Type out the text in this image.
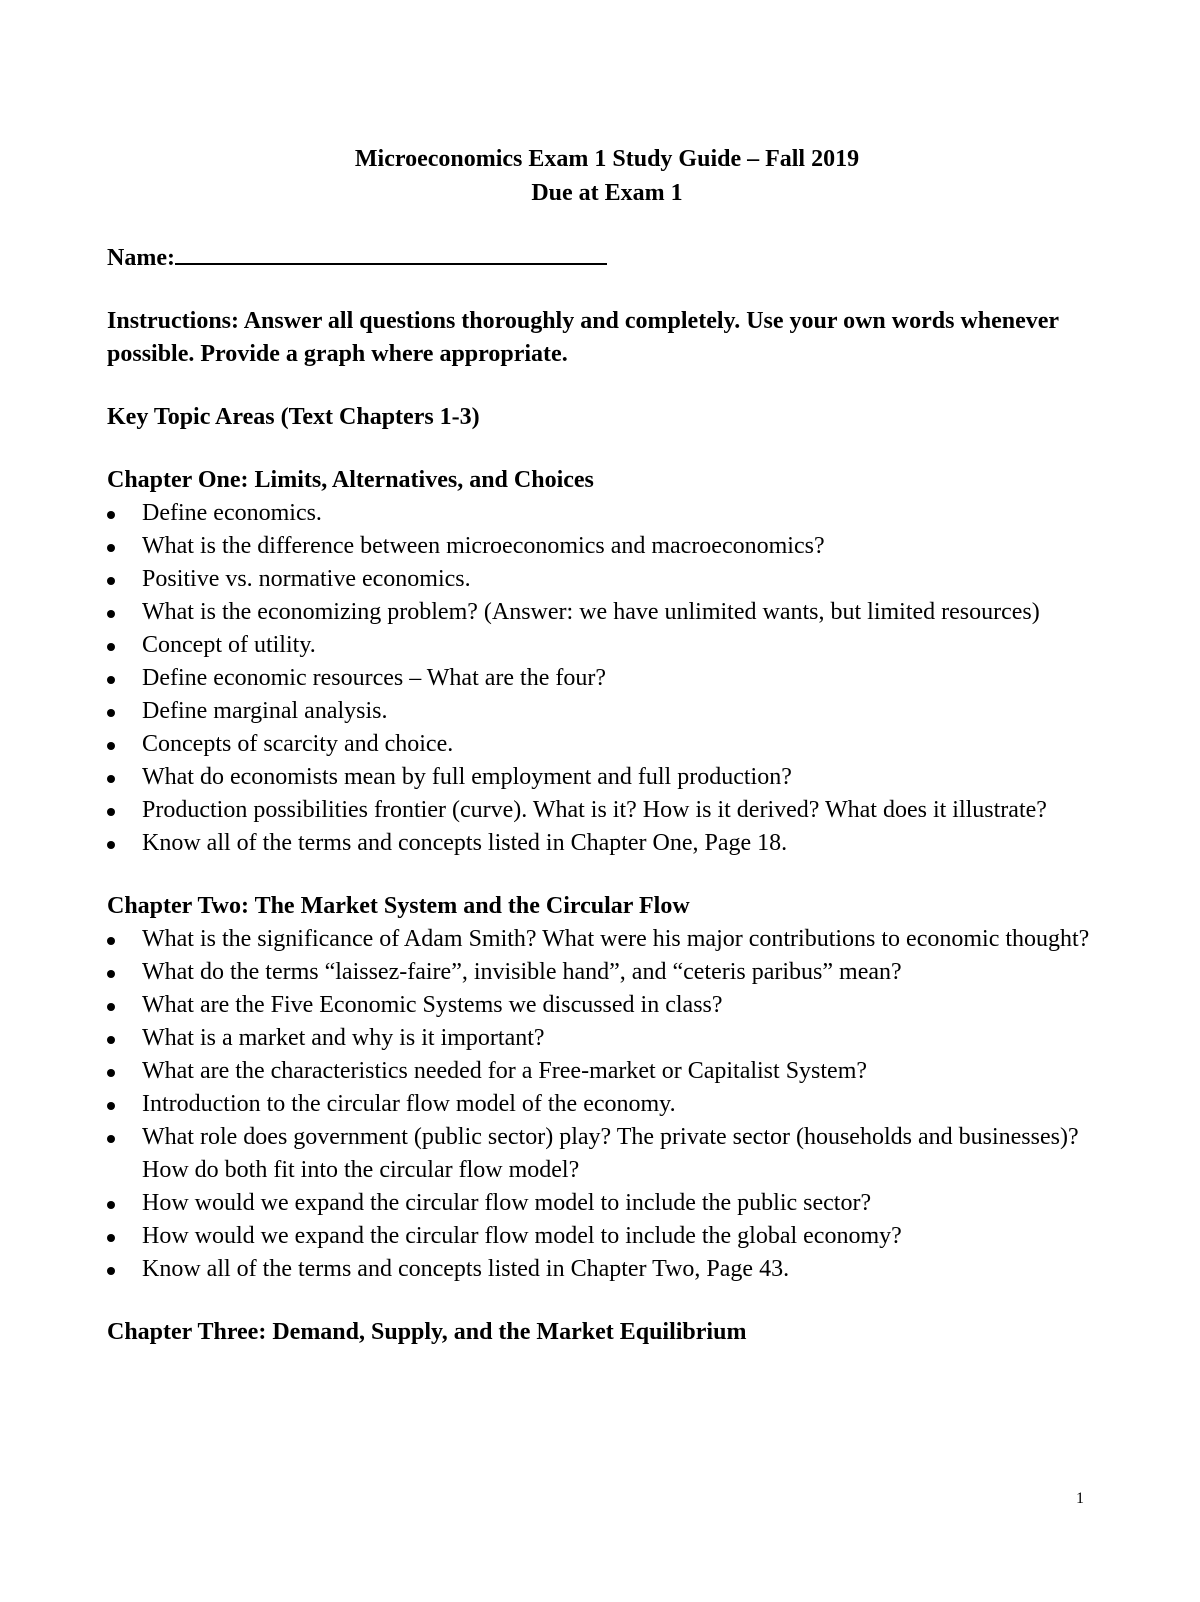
Microeconomics Exam 1 Study Guide – Fall 2019
Due at Exam 1
Name:
Instructions: Answer all questions thoroughly and completely. Use your own words whenever possible. Provide a graph where appropriate.
Key Topic Areas (Text Chapters 1-3)
Chapter One: Limits, Alternatives, and Choices
Define economics.
What is the difference between microeconomics and macroeconomics?
Positive vs. normative economics.
What is the economizing problem? (Answer: we have unlimited wants, but limited resources)
Concept of utility.
Define economic resources – What are the four?
Define marginal analysis.
Concepts of scarcity and choice.
What do economists mean by full employment and full production?
Production possibilities frontier (curve). What is it? How is it derived? What does it illustrate?
Know all of the terms and concepts listed in Chapter One, Page 18.
Chapter Two: The Market System and the Circular Flow
What is the significance of Adam Smith? What were his major contributions to economic thought?
What do the terms “laissez-faire”, invisible hand”, and “ceteris paribus” mean?
What are the Five Economic Systems we discussed in class?
What is a market and why is it important?
What are the characteristics needed for a Free-market or Capitalist System?
Introduction to the circular flow model of the economy.
What role does government (public sector) play? The private sector (households and businesses)? How do both fit into the circular flow model?
How would we expand the circular flow model to include the public sector?
How would we expand the circular flow model to include the global economy?
Know all of the terms and concepts listed in Chapter Two, Page 43.
Chapter Three: Demand, Supply, and the Market Equilibrium
1
